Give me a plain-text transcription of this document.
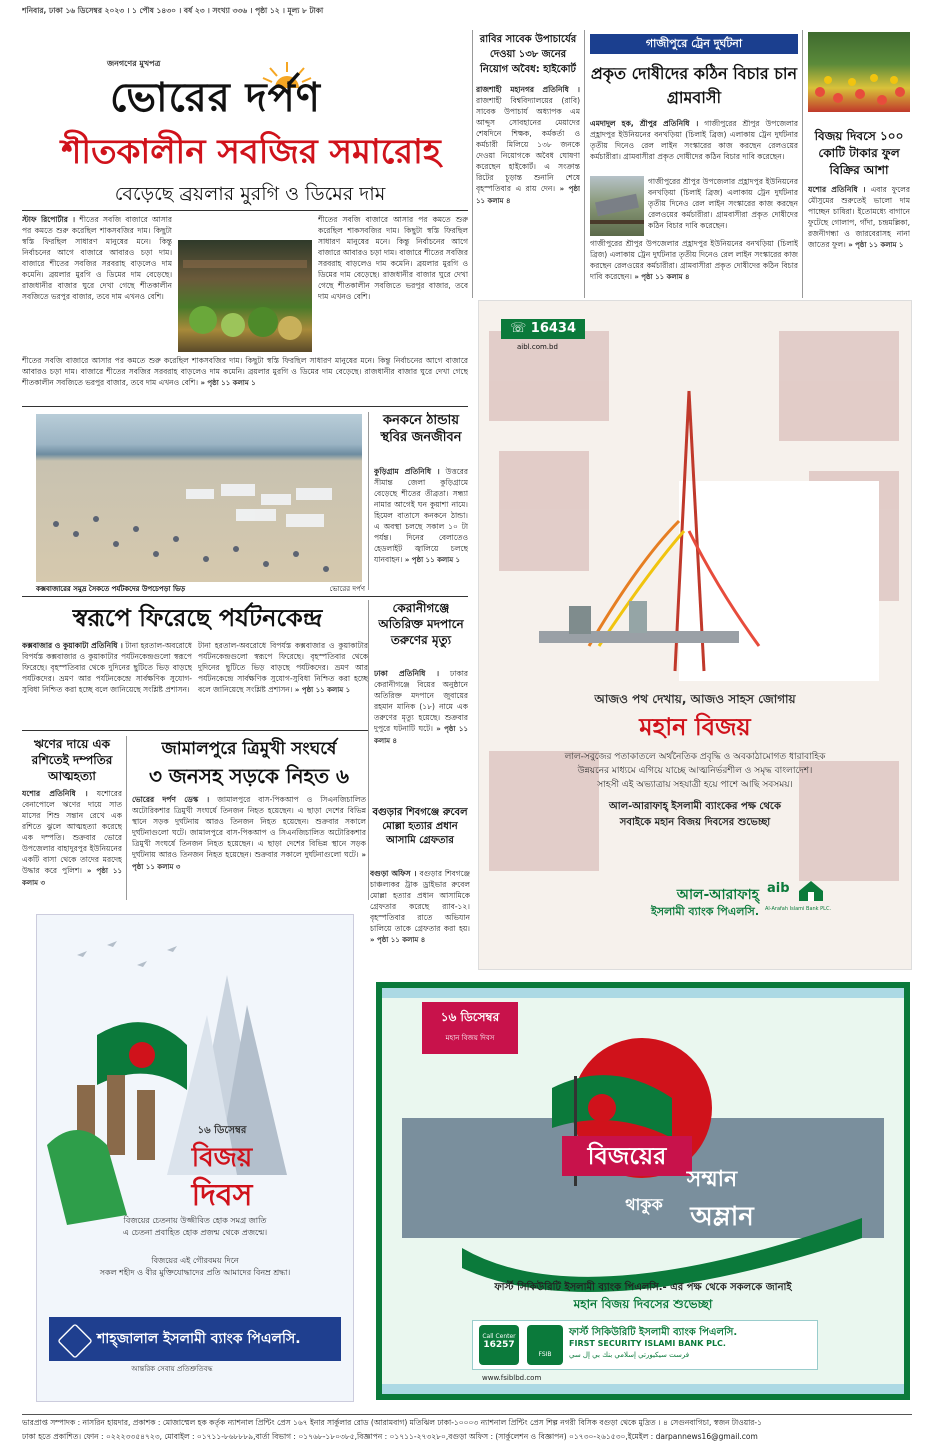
শনিবার, ঢাকা ১৬ ডিসেম্বর ২০২৩ । ১ পৌষ ১৪৩০ । বর্ষ ২৩ । সংখ্যা ৩৩৬ । পৃষ্ঠা ১২ । মূল্য ৮ টাকা
জনগণের মুখপত্র
ভোরের দর্পণ
শীতকালীন সবজির সমারোহ
বেড়েছে ব্রয়লার মুরগি ও ডিমের দাম
স্টাফ রিপোর্টার । শীতের সবজি বাজারে আসার পর কমতে শুরু করেছিল শাকসবজির দাম। কিছুটা স্বস্তি ফিরছিল সাধারণ মানুষের মনে। কিন্তু নির্বাচনের আগে বাজারে আবারও চড়া দাম। বাজারে শীতের সবজির সরবরাহ বাড়লেও দাম কমেনি। ব্রয়লার মুরগি ও ডিমের দাম বেড়েছে। রাজধানীর বাজার ঘুরে দেখা গেছে শীতকালীন সবজিতে ভরপুর বাজার, তবে দাম এখনও বেশি।
শীতের সবজি বাজারে আসার পর কমতে শুরু করেছিল শাকসবজির দাম। কিছুটা স্বস্তি ফিরছিল সাধারণ মানুষের মনে। কিন্তু নির্বাচনের আগে বাজারে আবারও চড়া দাম। বাজারে শীতের সবজির সরবরাহ বাড়লেও দাম কমেনি। ব্রয়লার মুরগি ও ডিমের দাম বেড়েছে। রাজধানীর বাজার ঘুরে দেখা গেছে শীতকালীন সবজিতে ভরপুর বাজার, তবে দাম এখনও বেশি। » পৃষ্ঠা ১১ কলাম ১
শীতের সবজি বাজারে আসার পর কমতে শুরু করেছিল শাকসবজির দাম। কিছুটা স্বস্তি ফিরছিল সাধারণ মানুষের মনে। কিন্তু নির্বাচনের আগে বাজারে আবারও চড়া দাম। বাজারে শীতের সবজির সরবরাহ বাড়লেও দাম কমেনি। ব্রয়লার মুরগি ও ডিমের দাম বেড়েছে। রাজধানীর বাজার ঘুরে দেখা গেছে শীতকালীন সবজিতে ভরপুর বাজার, তবে দাম এখনও বেশি।
কক্সবাজারের সমুদ্র সৈকতে পর্যটকদের উপচেপড়া ভিড়	ভোরের দর্পণ
কনকনে ঠান্ডায় স্থবির জনজীবন
কুড়িগ্রাম প্রতিনিধি । উত্তরের সীমান্ত জেলা কুড়িগ্রামে বেড়েছে শীতের তীব্রতা। সন্ধ্যা নামার আগেই ঘন কুয়াশা নামে। হিমেল বাতাসে কনকনে ঠান্ডা। এ অবস্থা চলছে সকাল ১০ টা পর্যন্ত। দিনের বেলাতেও হেডলাইট জ্বালিয়ে চলছে যানবাহন। » পৃষ্ঠা ১১ কলাম ১
স্বরূপে ফিরেছে পর্যটনকেন্দ্র
কক্সবাজার ও কুয়াকাটা প্রতিনিধি । টানা হরতাল-অবরোধে বিপর্যস্ত কক্সবাজার ও কুয়াকাটার পর্যটনকেন্দ্রগুলো স্বরূপে ফিরেছে। বৃহস্পতিবার থেকে দুদিনের ছুটিতে ভিড় বাড়ছে পর্যটকদের। ভ্রমণ আর পর্যটনকেন্দ্রে সার্বক্ষণিক সুযোগ-সুবিধা নিশ্চিত করা হচ্ছে বলে জানিয়েছে সংশ্লিষ্ট প্রশাসন।
টানা হরতাল-অবরোধে বিপর্যস্ত কক্সবাজার ও কুয়াকাটার পর্যটনকেন্দ্রগুলো স্বরূপে ফিরেছে। বৃহস্পতিবার থেকে দুদিনের ছুটিতে ভিড় বাড়ছে পর্যটকদের। ভ্রমণ আর পর্যটনকেন্দ্রে সার্বক্ষণিক সুযোগ-সুবিধা নিশ্চিত করা হচ্ছে বলে জানিয়েছে সংশ্লিষ্ট প্রশাসন। » পৃষ্ঠা ১১ কলাম ১
কেরানীগঞ্জে অতিরিক্ত মদপানে তরুণের মৃত্যু
ঢাকা প্রতিনিধি । ঢাকার কেরানীগঞ্জে বিয়ের অনুষ্ঠানে অতিরিক্ত মদপানে জুবায়ের রহমান মানিক (১৮) নামে এক তরুণের মৃত্যু হয়েছে। শুক্রবার দুপুরে ঘটনাটি ঘটে। » পৃষ্ঠা ১১ কলাম ৪
ঋণের দায়ে এক রশিতেই দম্পতির আত্মহত্যা
যশোর প্রতিনিধি । যশোরের বেনাপোলে ঋণের দায়ে সাত মাসের শিশু সন্তান রেখে এক রশিতে ঝুলে আত্মহত্যা করেছে এক দম্পতি। শুক্রবার ভোরে উপজেলার বাহাদুরপুর ইউনিয়নের একটি বাসা থেকে তাদের মরদেহ উদ্ধার করে পুলিশ। » পৃষ্ঠা ১১ কলাম ৩
জামালপুরে ত্রিমুখী সংঘর্ষে
৩ জনসহ সড়কে নিহত ৬
ভোরের দর্পণ ডেস্ক । জামালপুরে বাস-পিকআপ ও সিএনজিচালিত অটোরিকশার ত্রিমুখী সংঘর্ষে তিনজন নিহত হয়েছেন। এ ছাড়া দেশের বিভিন্ন স্থানে সড়ক দুর্ঘটনায় আরও তিনজন নিহত হয়েছেন। শুক্রবার সকালে দুর্ঘটনাগুলো ঘটে। জামালপুরে বাস-পিকআপ ও সিএনজিচালিত অটোরিকশার ত্রিমুখী সংঘর্ষে তিনজন নিহত হয়েছেন। এ ছাড়া দেশের বিভিন্ন স্থানে সড়ক দুর্ঘটনায় আরও তিনজন নিহত হয়েছেন। শুক্রবার সকালে দুর্ঘটনাগুলো ঘটে। » পৃষ্ঠা ১১ কলাম ৩
বগুড়ার শিবগঞ্জে রুবেল মোল্লা হত্যার প্রধান আসামি গ্রেফতার
বগুড়া অফিস । বগুড়ার শিবগঞ্জে চাঞ্চল্যকর ট্রাক ড্রাইভার রুবেল মোল্লা হত্যার প্রধান আসামিকে গ্রেফতার করেছে র‍্যাব-১২। বৃহস্পতিবার রাতে অভিযান চালিয়ে তাকে গ্রেফতার করা হয়। » পৃষ্ঠা ১১ কলাম ৪
রাবির সাবেক উপাচার্যের দেওয়া ১৩৮ জনের নিয়োগ অবৈধ: হাইকোর্ট
রাজশাহী মহানগর প্রতিনিধি । রাজশাহী বিশ্ববিদ্যালয়ের (রাবি) সাবেক উপাচার্য অধ্যাপক এম আব্দুস সোবহানের মেয়াদের শেষদিনে শিক্ষক, কর্মকর্তা ও কর্মচারী মিলিয়ে ১৩৮ জনকে দেওয়া নিয়োগকে অবৈধ ঘোষণা করেছেন হাইকোর্ট। এ সংক্রান্ত রিটের চূড়ান্ত শুনানি শেষে বৃহস্পতিবার এ রায় দেন। » পৃষ্ঠা ১১ কলাম ৪
গাজীপুরে ট্রেন দুর্ঘটনা
প্রকৃত দোষীদের কঠিন বিচার চান গ্রামবাসী
এমদাদুল হক, শ্রীপুর প্রতিনিধি । গাজীপুরের শ্রীপুর উপজেলার প্রহ্লাদপুর ইউনিয়নের বনখড়িয়া (চিলাই ব্রিজ) এলাকায় ট্রেন দুর্ঘটনার তৃতীয় দিনেও রেল লাইন সংস্কারের কাজ করছেন রেলওয়ের কর্মচারীরা। গ্রামবাসীরা প্রকৃত দোষীদের কঠিন বিচার দাবি করেছেন।
গাজীপুরের শ্রীপুর উপজেলার প্রহ্লাদপুর ইউনিয়নের বনখড়িয়া (চিলাই ব্রিজ) এলাকায় ট্রেন দুর্ঘটনার তৃতীয় দিনেও রেল লাইন সংস্কারের কাজ করছেন রেলওয়ের কর্মচারীরা। গ্রামবাসীরা প্রকৃত দোষীদের কঠিন বিচার দাবি করেছেন।
গাজীপুরের শ্রীপুর উপজেলার প্রহ্লাদপুর ইউনিয়নের বনখড়িয়া (চিলাই ব্রিজ) এলাকায় ট্রেন দুর্ঘটনার তৃতীয় দিনেও রেল লাইন সংস্কারের কাজ করছেন রেলওয়ের কর্মচারীরা। গ্রামবাসীরা প্রকৃত দোষীদের কঠিন বিচার দাবি করেছেন। » পৃষ্ঠা ১১ কলাম ৪
বিজয় দিবসে ১০০ কোটি টাকার ফুল বিক্রির আশা
যশোর প্রতিনিধি । এবার ফুলের মৌসুমের শুরুতেই ভালো দাম পাচ্ছেন চাষিরা। ইতোমধ্যে বাগানে ফুটেছে গোলাপ, গাঁদা, চন্দ্রমল্লিকা, রজনীগন্ধা ও জারবেরাসহ নানা জাতের ফুল। » পৃষ্ঠা ১১ কলাম ১
☏ 16434
aibl.com.bd
আজও পথ দেখায়, আজও সাহস জোগায়
মহান বিজয়
লাল-সবুজের পতাকাতলে অর্থনৈতিক প্রবৃদ্ধি ও অবকাঠামোগত ধারাবাহিক
উন্নয়নের মাধ্যমে এগিয়ে যাচ্ছে আত্মনির্ভরশীল ও সমৃদ্ধ বাংলাদেশ।
সাহসী এই অভ্যাত্রায় সহযাত্রী হয়ে পাশে আছি সবসময়।
আল-আরাফাহ্ ইসলামী ব্যাংকের পক্ষ থেকে
সবাইকে মহান বিজয় দিবসের শুভেচ্ছা
আল-আরাফাহ্
ইসলামী ব্যাংক পিএলসি.
aib
Al-Arafah Islami Bank PLC.
১৬ ডিসেম্বর
বিজয়
দিবস
বিজয়ের চেতনায় উজ্জীবিত হোক সমগ্র জাতি
এ চেতনা প্রবাহিত হোক প্রজন্ম থেকে প্রজন্মে।
বিজয়ের এই গৌরবময় দিনে
সকল শহীদ ও বীর মুক্তিযোদ্ধাদের প্রতি আমাদের বিনম্র শ্রদ্ধা।
শাহ্‌জালাল ইসলামী ব্যাংক পিএলসি.
আন্তরিক সেবায় প্রতিশ্রুতিবদ্ধ
১৬ ডিসেম্বর
মহান বিজয় দিবস
বিজয়ের
সম্মান
থাকুক	অম্লান
ফার্স্ট সিকিউরিটি ইসলামী ব্যাংক পিএলসি.- এর পক্ষ থেকে সকলকে জানাই
মহান বিজয় দিবসের শুভেচ্ছা
Call Center
16257
FSIB
ফার্স্ট সিকিউরিটি ইসলামী ব্যাংক পিএলসি.
FIRST SECURITY ISLAMI BANK PLC.
فرست سيكيورتي إسلامي بنك بي إل سي
www.fsiblbd.com
ভারপ্রাপ্ত সম্পাদক : নাসরিন হায়দার, প্রকাশক : মোজাম্মেল হক কর্তৃক ন্যাশনাল প্রিন্টিং প্রেস ১৬৭ ইনার সার্কুলার রোড (আরামবাগ) মতিঝিল ঢাকা-১০০০৩ ন্যাশনাল প্রিন্টিং প্রেস শিল্প নগরী বিসিক বগুড়া থেকে মুদ্রিত । ৪ সেগুনবাগিচা, স্বজন টাওয়ার-১
ঢাকা হতে প্রকাশিত। ফোন : ০২২২৩৩৫৪৭২৩, মোবাইল : ০১৭১১-৮৬৮৮৮৯,বার্তা বিভাগ : ০১৭৬৮-১৮০৩৮৫,বিজ্ঞাপন : ০১৭১১-২৭৩২৮০,বগুড়া অফিস : (সার্কুলেশন ও বিজ্ঞাপন) ০১৭৩০-২৬১৫৩০,ইমেইল : darpannews16@gmail.com
